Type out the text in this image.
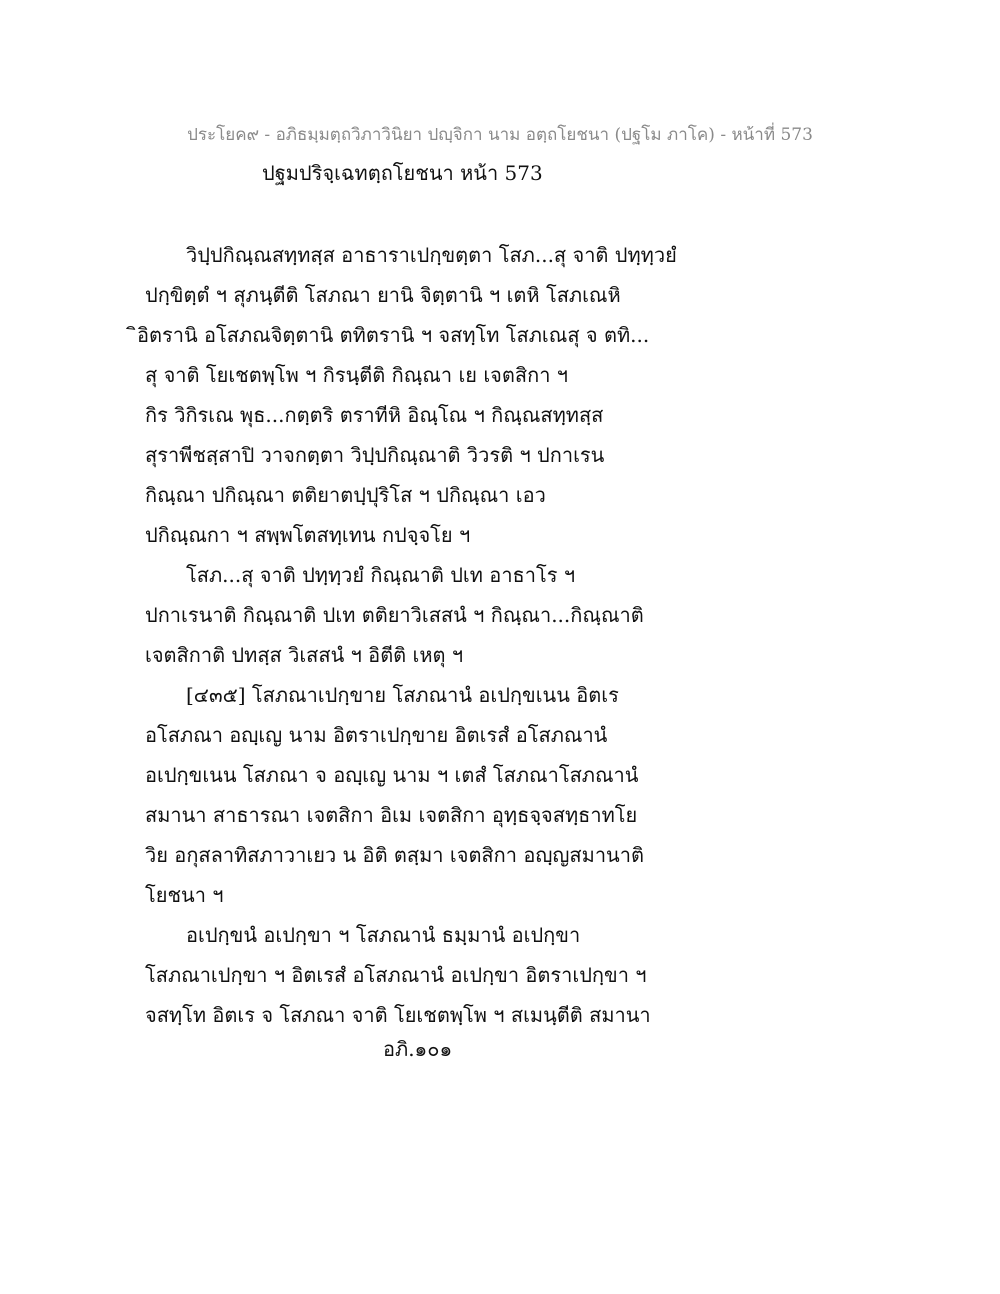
ประโยค๙ - อภิธมฺมตฺถวิภาวินิยา ปญฺจิกา นาม อตฺถโยชนา (ปฐโม ภาโค) - หน้าที่ 573
ปฐมปริจฺเฉทตฺถโยชนา หน้า 573
วิปฺปกิณฺณสทฺทสฺส อาธาราเปกฺขตฺตา โสภ...สุ จาติ ปทฺทฺวยํ
ปกฺขิตฺตํ ฯ สุภนฺตีติ โสภณา ยานิ จิตฺตานิ ฯ เตหิ โสภเณหิ
ิอิตรานิ อโสภณจิตฺตานิ ตทิตรานิ ฯ จสทฺโท โสภเณสุ จ ตทิ...
สุ จาติ โยเชตพฺโพ ฯ กิรนฺตีติ กิณฺณา เย เจตสิกา ฯ
กิร วิกิรเณ พุธ...กตฺตริ ตราทีหิ อิณฺโณ ฯ กิณฺณสทฺทสฺส
สุราพีชสฺสาปิ วาจกตฺตา วิปฺปกิณฺณาติ วิวรติ ฯ ปกาเรน
กิณฺณา ปกิณฺณา ตติยาตปฺปุริโส ฯ ปกิณฺณา เอว
ปกิณฺณกา ฯ สพฺพโตสทฺเทน กปจฺจโย ฯ
โสภ...สุ จาติ ปทฺทฺวยํ กิณฺณาติ ปเท อาธาโร ฯ
ปกาเรนาติ กิณฺณาติ ปเท ตติยาวิเสสนํ ฯ กิณฺณา...กิณฺณาติ
เจตสิกาติ ปทสฺส วิเสสนํ ฯ อิตีติ เหตุ ฯ
[๔๓๕] โสภณาเปกฺขาย โสภณานํ อเปกฺขเนน อิตเร
อโสภณา อญฺเญ นาม อิตราเปกฺขาย อิตเรสํ อโสภณานํ
อเปกฺขเนน โสภณา จ อญฺเญ นาม ฯ เตสํ โสภณาโสภณานํ
สมานา สาธารณา เจตสิกา อิเม เจตสิกา อุทฺธจฺจสทฺธาทโย
วิย อกุสลาทิสภาวาเยว น อิติ ตสฺมา เจตสิกา อญฺญสมานาติ
โยชนา ฯ
อเปกฺขนํ อเปกฺขา ฯ โสภณานํ ธมฺมานํ อเปกฺขา
โสภณาเปกฺขา ฯ อิตเรสํ อโสภณานํ อเปกฺขา อิตราเปกฺขา ฯ
จสทฺโท อิตเร จ โสภณา จาติ โยเชตพฺโพ ฯ สเมนฺตีติ สมานา
อภิ.๑๐๑
